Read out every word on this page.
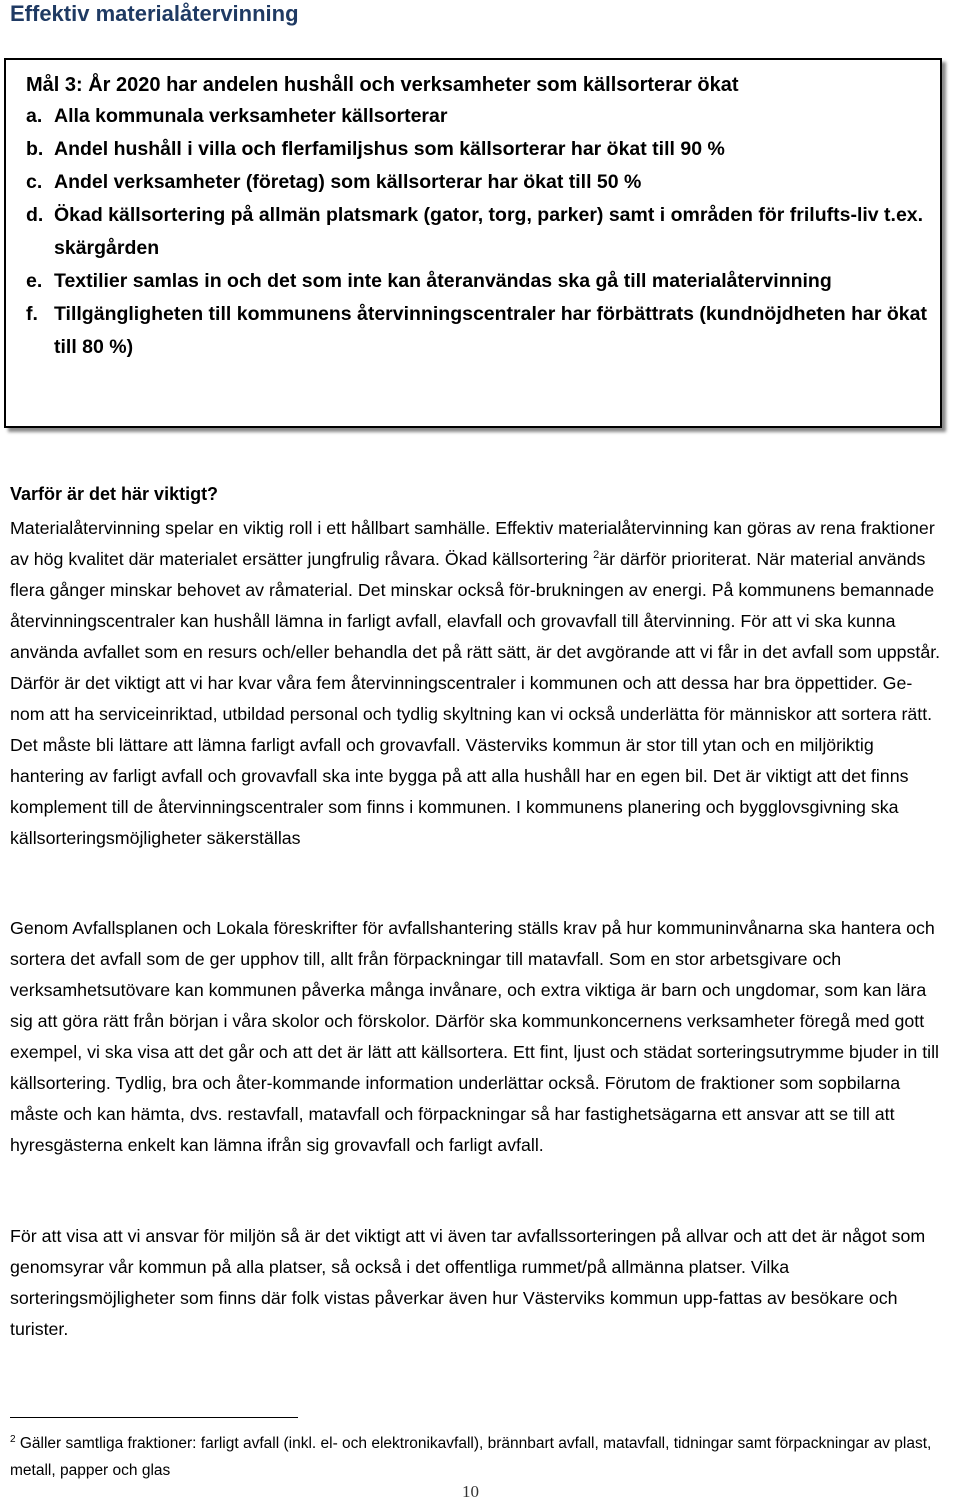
Effektiv materialåtervinning

Mål 3: År 2020 har andelen hushåll och verksamheter som källsorterar ökat

a. Alla kommunala verksamheter källsorterar
b. Andel hushåll i villa och flerfamiljshus som källsorterar har ökat till 90 %
c. Andel verksamheter (företag) som källsorterar har ökat till 50 %
d. Ökad källsortering på allmän platsmark (gator, torg, parker) samt i områden för frilufts-liv t.ex. skärgården
e. Textilier samlas in och det som inte kan återanvändas ska gå till materialåtervinning
f. Tillgängligheten till kommunens återvinningscentraler har förbättrats (kundnöjdheten har ökat till 80 %)
Varför är det här viktigt?

Materialåtervinning spelar en viktig roll i ett hållbart samhälle. Effektiv materialåtervinning kan göras av rena fraktioner av hög kvalitet där materialet ersätter jungfrulig råvara. Ökad källsortering $^2$är därför prioriterat. När material används flera gånger minskar behovet av råmaterial. Det minskar också för-brukningen av energi. På kommunens bemannade återvinningscentraler kan hushåll lämna in farligt avfall, elavfall och grovavfall till återvinning. För att vi ska kunna använda avfallet som en resurs och/eller behandla det på rätt sätt, är det avgörande att vi får in det avfall som uppstår. Därför är det viktigt att vi har kvar våra fem återvinningscentraler i kommunen och att dessa har bra öppettider. Ge-nom att ha serviceinriktad, utbildad personal och tydlig skyltning kan vi också underlätta för människor att sortera rätt. Det måste bli lättare att lämna farligt avfall och grovavfall. Västerviks kommun är stor till ytan och en miljöriktig hantering av farligt avfall och grovavfall ska inte bygga på att alla hushåll har en egen bil. Det är viktigt att det finns komplement till de återvinningscentraler som finns i kommunen. I kommunens planering och bygglovsgivning ska källsorteringsmöjligheter säkerställas

Genom Avfallsplanen och Lokala föreskrifter för avfallshantering ställs krav på hur kommuninvånarna ska hantera och sortera det avfall som de ger upphov till, allt från förpackningar till matavfall. Som en stor arbetsgivare och verksamhetsutövare kan kommunen påverka många invånare, och extra viktiga är barn och ungdomar, som kan lära sig att göra rätt från början i våra skolor och förskolor. Därför ska kommunkoncernens verksamheter föregå med gott exempel, vi ska visa att det går och att det är lätt att källsortera. Ett fint, ljust och städat sorteringsutrymme bjuder in till källsortering. Tydlig, bra och åter-kommande information underlättar också. Förutom de fraktioner som sopbilarna måste och kan hämta, dvs. restavfall, matavfall och förpackningar så har fastighetsägarna ett ansvar att se till att hyresgästerna enkelt kan lämna ifrån sig grovavfall och farligt avfall.

För att visa att vi ansvar för miljön så är det viktigt att vi även tar avfallssorteringen på allvar och att det är något som genomsyrar vår kommun på alla platser, så också i det offentliga rummet/på allmänna platser. Vilka sorteringsmöjligheter som finns där folk vistas påverkar även hur Västerviks kommun upp-fattas av besökare och turister.

$^2$ Gäller samtliga fraktioner: farligt avfall (inkl. el- och elektronikavfall), brännbart avfall, matavfall, tidningar samt förpackningar av plast, metall, papper och glas

10
